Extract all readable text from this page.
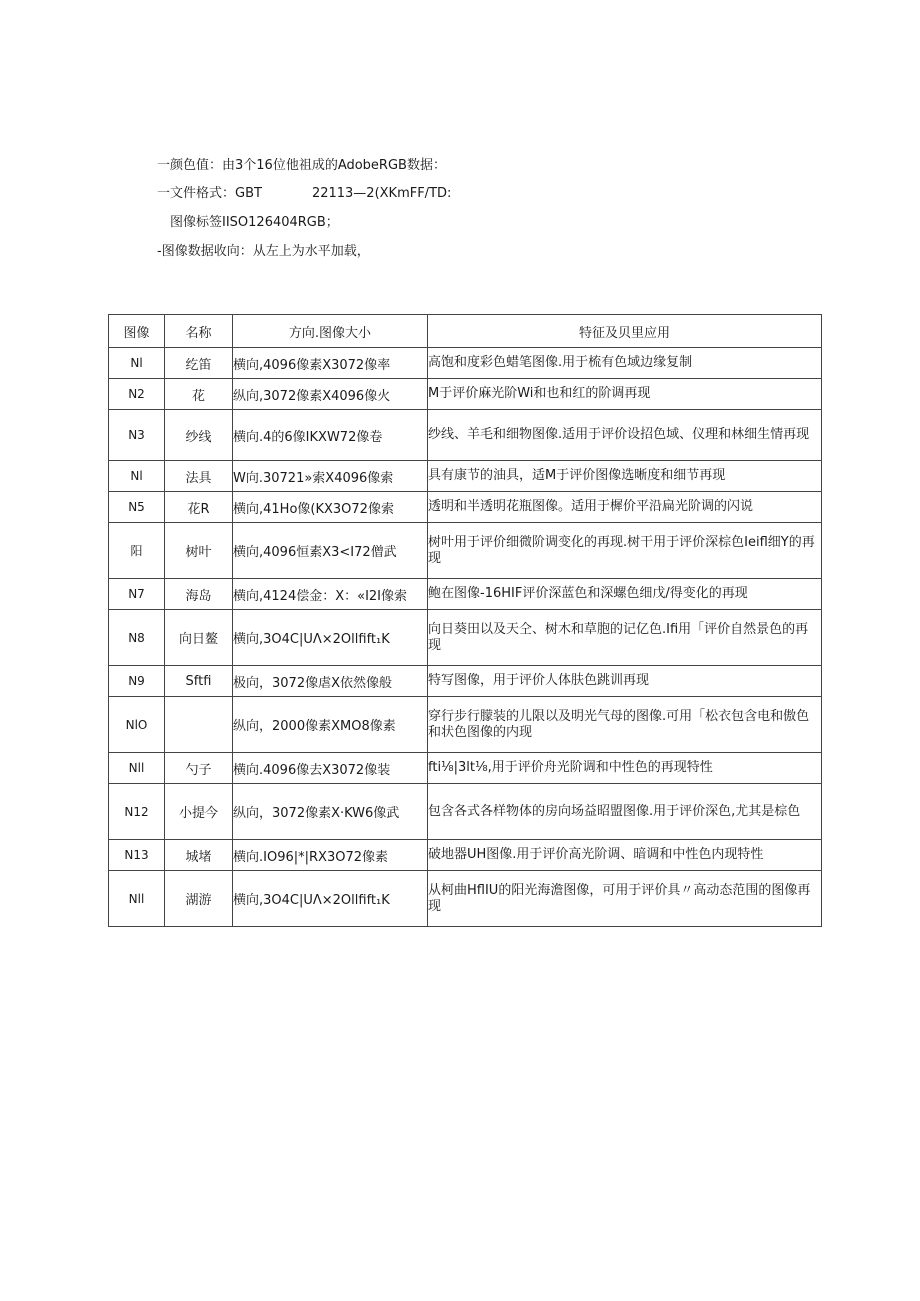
一颜色值：由3个16位他祖成的AdobeRGB数据：
一文件格式：GBT	22113—2(XKmFF/TD:
图像标签IISO126404RGB；
-图像数据收向：从左上为水平加载，
图像	名称	方向.图像大小	特征及贝里应用
Nl	纥笛	横向,4096像素X3072像率	高饱和度彩色蜡笔图像.用于梳有色域边缘复制
N2	花	纵向,3072像素X4096像火	M于评价麻光阶Wi和也和红的阶调再现
N3	纱线	横向.4的6像IKXW72像卷	纱线、羊毛和细物图像.适用于评价设招色域、仪理和林细生情再现
Nl	法具	W向.30721»索X4096像索	具有康节的油具，适M于评价图像选晰度和细节再现
N5	花R	横向,41Ho像(KX3O72像索	透明和半透明花瓶图像。适用于樨价平沿扁光阶调的闪说
阳	树叶	横向,4096恒素X3<I72僧武	树叶用于评价细微阶调变化的再现.树干用于评价深棕色Ieifl细Y的再现
N7	海岛	横向,4124偿金：X：«I2I像索	鲍在图像-16HIF评价深蓝色和深螺色细戊/得变化的再现
N8	向日鳌	横向,3O4C|UΛ×2Ollfift₁K	向日葵田以及天仝、树木和草胞的记亿色.Ifi用「评价自然景色的再现
N9	Sftfi	极向，3072像虐X依然像般	特写图像，用于评价人体肤色跳训再现
NlO		纵向，2000像素XMO8像素	穿行步行朦装的儿限以及明光气母的图像.可用「松衣包含电和傲色和状色图像的内现
Nll	勺子	横向.4096像去X3072像装	fti⅛|3lt⅛,用于评价舟光阶调和中性色的再现特性
N12	小提今	纵向，3072像素X·KW6像武	包含各式各样物体的房向场益昭盟图像.用于评价深色,尤其是棕色
N13	城堵	横向.IO96|*|RX3O72像素	破地器UH图像.用于评价高光阶调、暗调和中性色内现特性
Nll	湖游	横向,3O4C|UΛ×2Ollfift₁K	从柯曲HflIU的阳光海澹图像，可用于评价具〃高动态范围的图像再现
